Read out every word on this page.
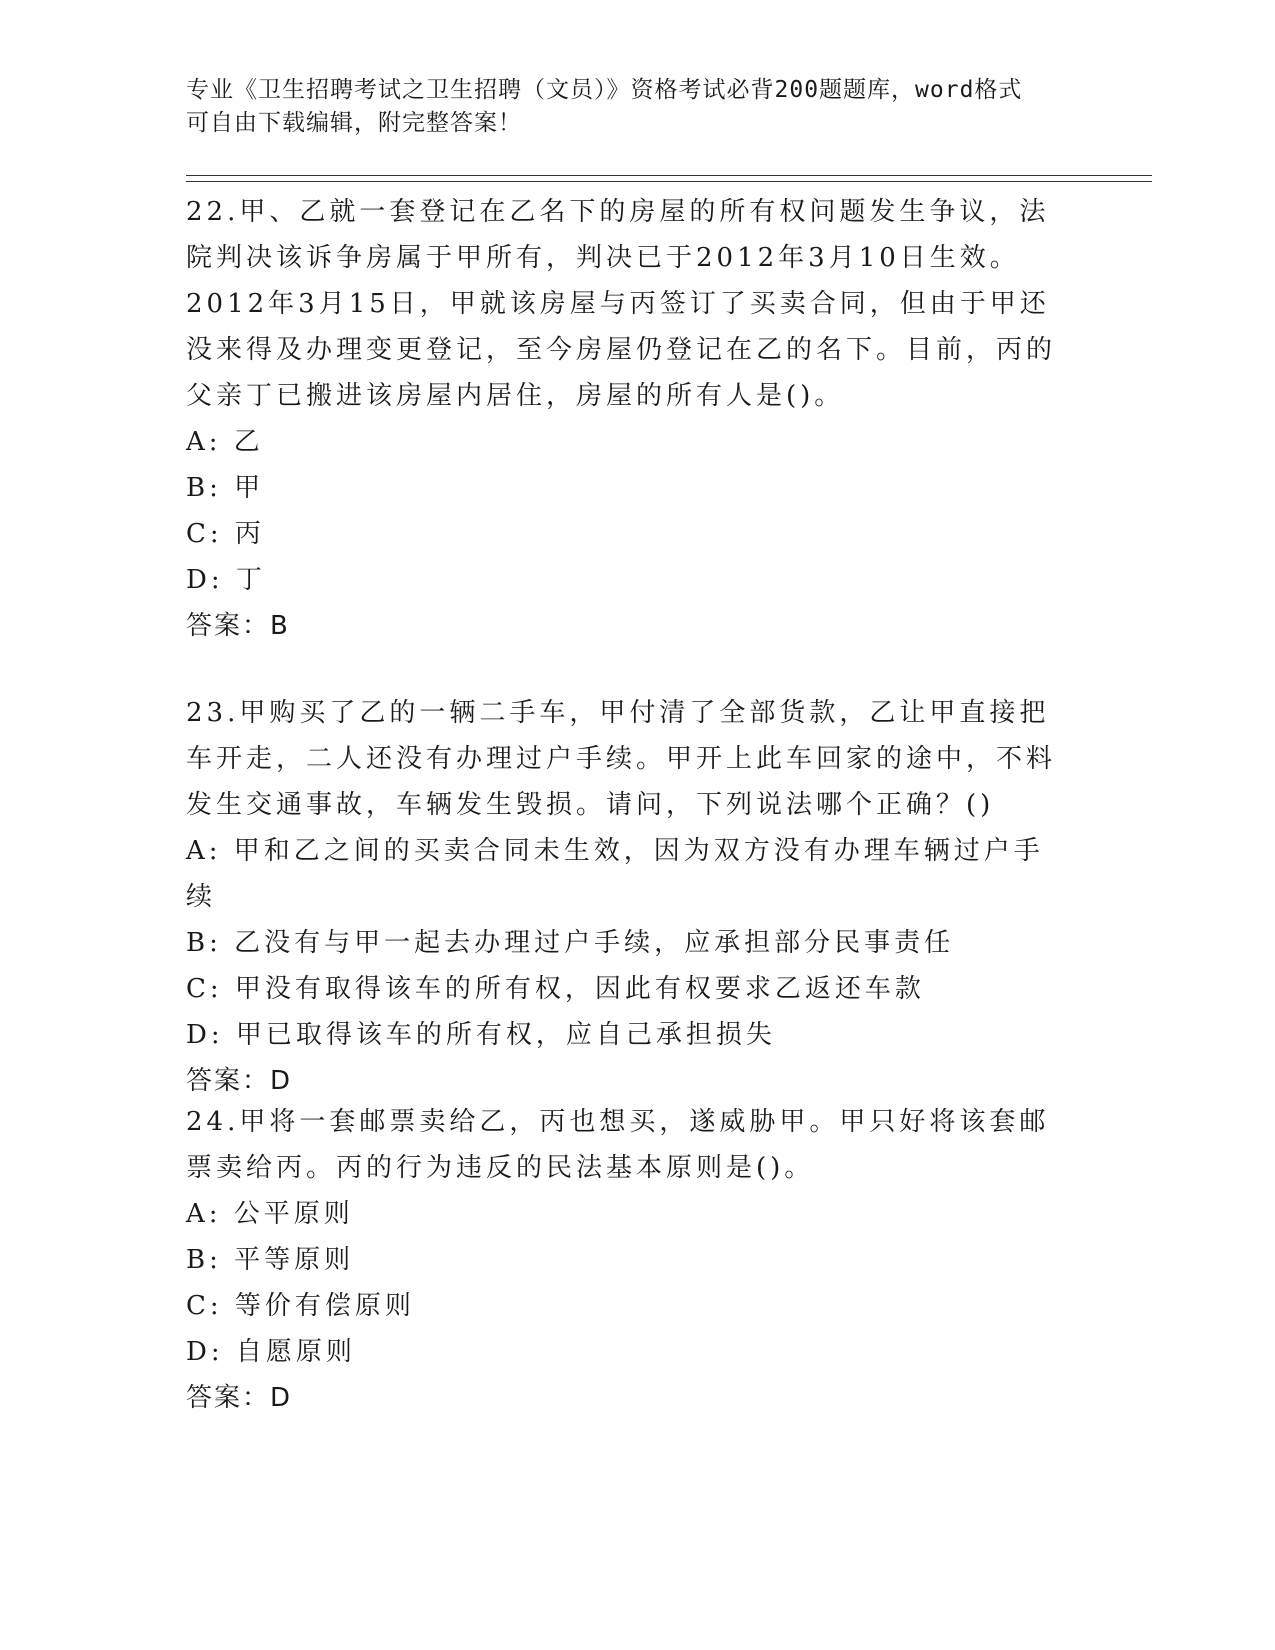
专业《卫生招聘考试之卫生招聘（文员）》资格考试必背200题题库，word格式
可自由下载编辑，附完整答案！

22.甲、乙就一套登记在乙名下的房屋的所有权问题发生争议，法院判决该诉争房属于甲所有，判决已于2012年3月10日生效。2012年3月15日，甲就该房屋与丙签订了买卖合同，但由于甲还没来得及办理变更登记，至今房屋仍登记在乙的名下。目前，丙的父亲丁已搬进该房屋内居住，房屋的所有人是()。

A: 乙

B: 甲

C: 丙

D: 丁

答案：B

23.甲购买了乙的一辆二手车，甲付清了全部货款，乙让甲直接把车开走，二人还没有办理过户手续。甲开上此车回家的途中，不料发生交通事故，车辆发生毁损。请问，下列说法哪个正确？()

A: 甲和乙之间的买卖合同未生效，因为双方没有办理车辆过户手续

B: 乙没有与甲一起去办理过户手续，应承担部分民事责任

C: 甲没有取得该车的所有权，因此有权要求乙返还车款

D: 甲已取得该车的所有权，应自己承担损失

答案：D

24.甲将一套邮票卖给乙，丙也想买，遂威胁甲。甲只好将该套邮票卖给丙。丙的行为违反的民法基本原则是()。

A: 公平原则

B: 平等原则

C: 等价有偿原则

D: 自愿原则

答案：D
